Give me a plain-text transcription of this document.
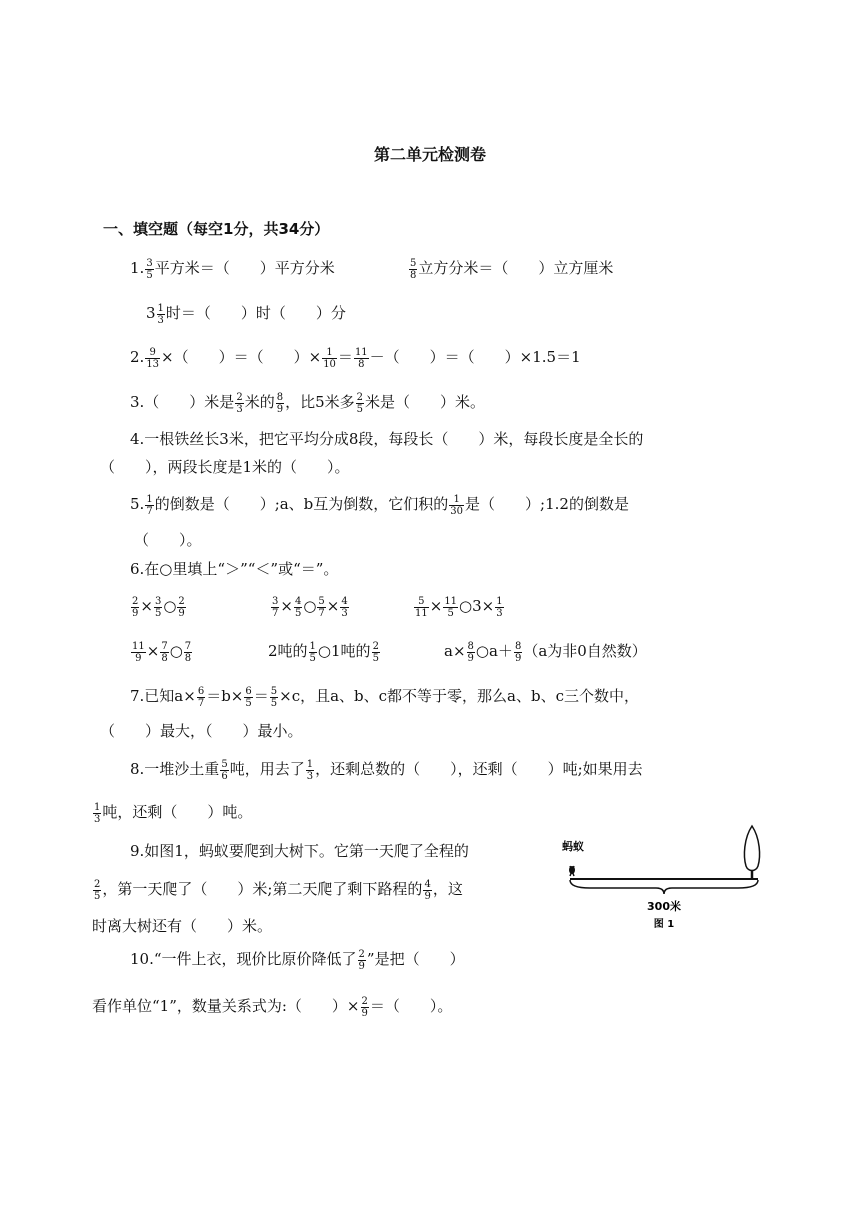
第二单元检测卷
一、填空题（每空1分，共34分）
1. $\frac{3}{5}$ 平方米＝（　　）平方分米	$\frac{5}{8}$ 立方分米＝（　　）立方厘米
$3 \frac{1}{3}$ 时＝（　　）时（　　）分
2. $\frac{9}{13}$ ×（　　）＝（　　）× $\frac{1}{10} = \frac{11}{8}$ －（　　）＝（　　）×1.5＝1
3.（　　）米是 $\frac{2}{3}$ 米的 $\frac{8}{9}$ ，比5米多 $\frac{2}{5}$ 米是（　　）米。
4.一根铁丝长3米，把它平均分成8段，每段长（　　）米，每段长度是全长的
（　　），两段长度是1米的（　　）。
5. $\frac{1}{7}$ 的倒数是（　　）;a、b互为倒数，它们积的 $\frac{1}{30}$ 是（　　）;1.2的倒数是
（　　）。
6.在○里填上“＞”“＜”或“＝”。
$\frac{2}{9} \times \frac{3}{5}$ ○ $\frac{2}{9}$	$\frac{3}{7} \times \frac{4}{5}$ ○ $\frac{5}{7} \times \frac{4}{3}$	$\frac{5}{11} \times \frac{11}{5}$ ○3× $\frac{1}{3}$
$\frac{11}{9} \times \frac{7}{8}$ ○ $\frac{7}{8}$	2吨的 $\frac{1}{5}$ ○1吨的 $\frac{2}{5}$	$a\times \frac{8}{9}$ ○a＋ $\frac{8}{9} (a$为非0自然数）
7.已知$a\times \frac{6}{7} =b\times \frac{6}{5} = \frac{5}{5} \times c$，且a、b、c都不等于零，那么a、b、c三个数中，
（　　）最大，（　　）最小。
8.一堆沙土重 $\frac{5}{6}$ 吨，用去了 $\frac{1}{3}$ ，还剩总数的（　　），还剩（　　）吨;如果用去
$\frac{1}{3}$ 吨，还剩（　　）吨。
9.如图1，蚂蚁要爬到大树下。它第一天爬了全程的
$\frac{2}{5}$ ，第一天爬了（　　）米;第二天爬了剩下路程的 $\frac{4}{9}$ ，这
时离大树还有（　　）米。
10.“一件上衣，现价比原价降低了 $\frac{2}{9}$ ”是把（　　）
看作单位“1”，数量关系式为:（　　）× $\frac{2}{9}$ ＝（　　）。
蚂蚁
300米
图 1
